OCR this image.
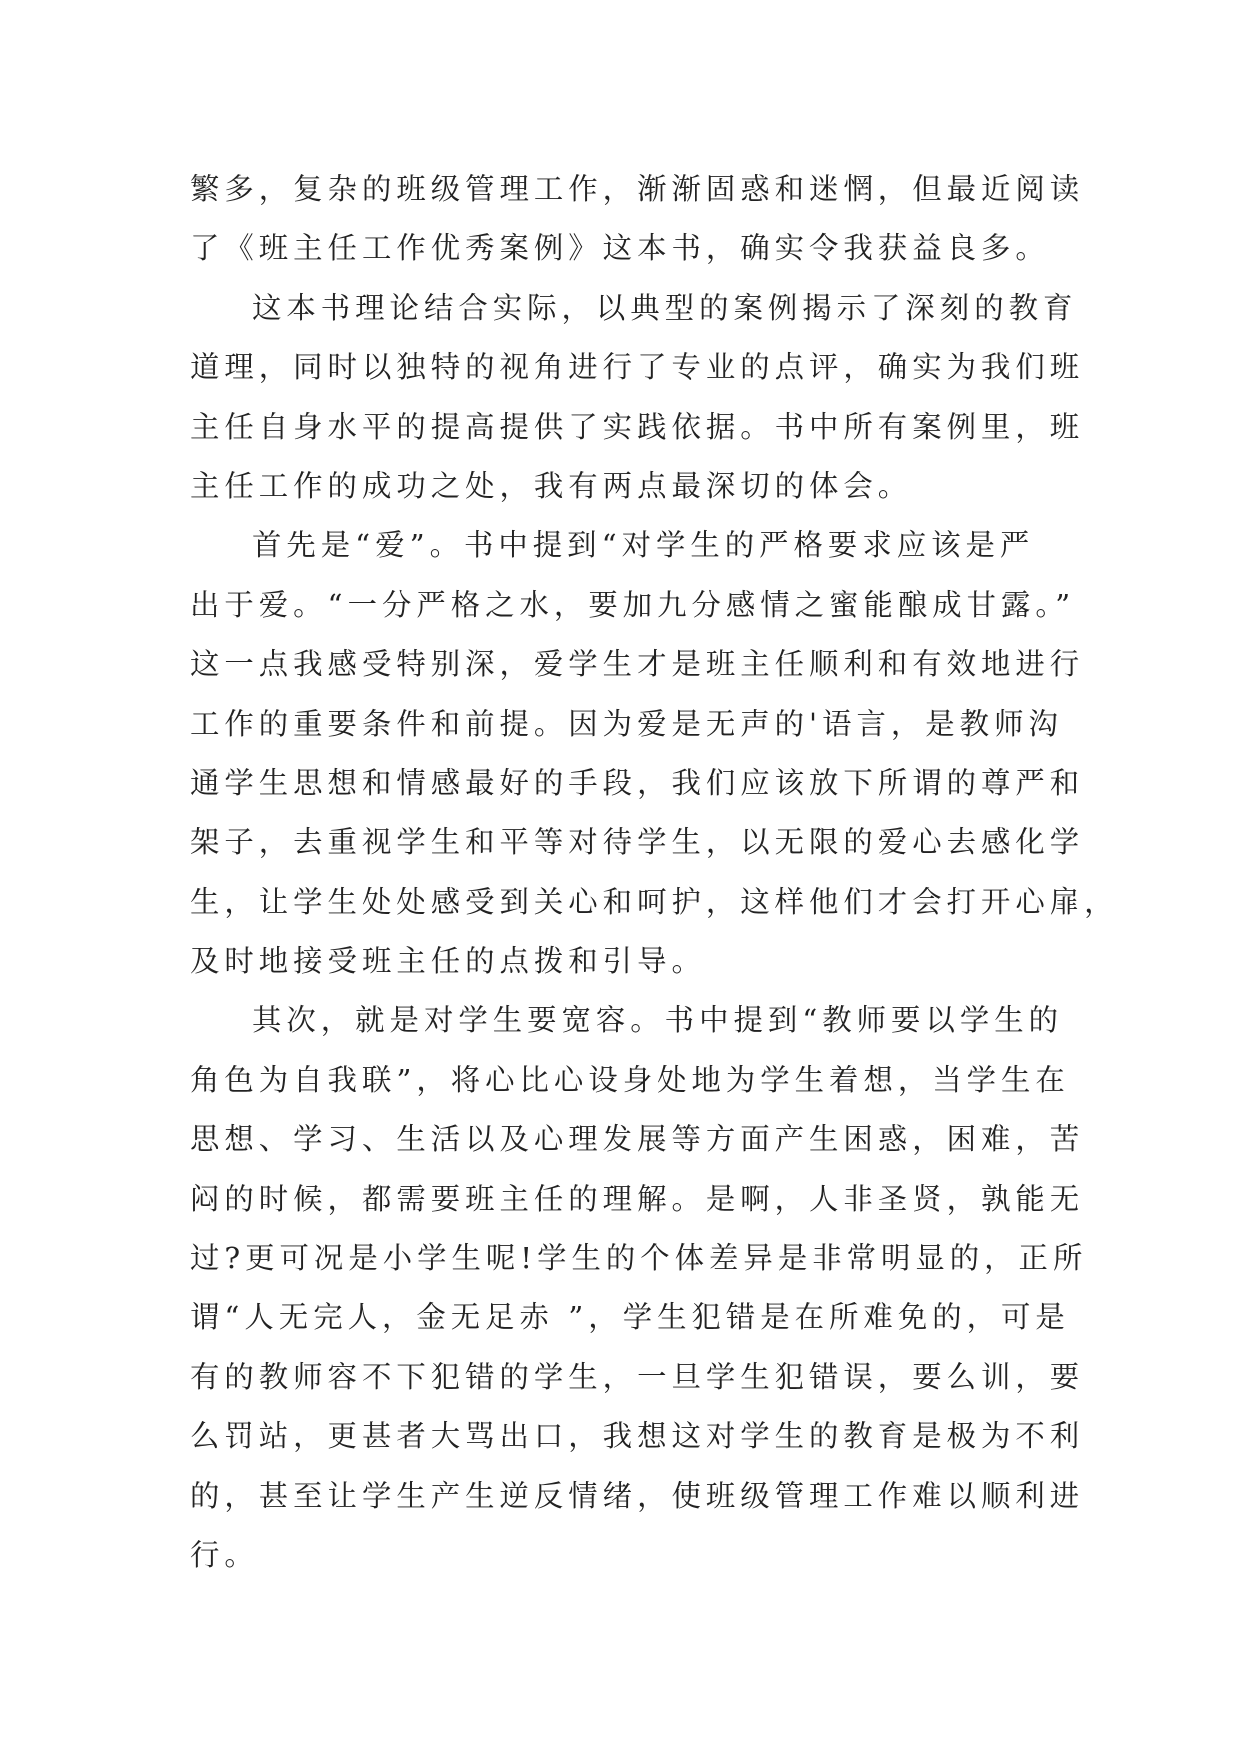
繁多，复杂的班级管理工作，渐渐固惑和迷惘，但最近阅读
了《班主任工作优秀案例》这本书，确实令我获益良多。
这本书理论结合实际，以典型的案例揭示了深刻的教育
道理，同时以独特的视角进行了专业的点评，确实为我们班
主任自身水平的提高提供了实践依据。书中所有案例里，班
主任工作的成功之处，我有两点最深切的体会。
首先是“爱”。书中提到“对学生的严格要求应该是严
出于爱。“一分严格之水，要加九分感情之蜜能酿成甘露。”
这一点我感受特别深，爱学生才是班主任顺利和有效地进行
工作的重要条件和前提。因为爱是无声的'语言，是教师沟
通学生思想和情感最好的手段，我们应该放下所谓的尊严和
架子，去重视学生和平等对待学生，以无限的爱心去感化学
生，让学生处处感受到关心和呵护，这样他们才会打开心扉，
及时地接受班主任的点拨和引导。
其次，就是对学生要宽容。书中提到“教师要以学生的
角色为自我联”，将心比心设身处地为学生着想，当学生在
思想、学习、生活以及心理发展等方面产生困惑，困难，苦
闷的时候，都需要班主任的理解。是啊，人非圣贤，孰能无
过?更可况是小学生呢!学生的个体差异是非常明显的，正所
谓“人无完人，金无足赤 ”，学生犯错是在所难免的，可是
有的教师容不下犯错的学生，一旦学生犯错误，要么训，要
么罚站，更甚者大骂出口，我想这对学生的教育是极为不利
的，甚至让学生产生逆反情绪，使班级管理工作难以顺利进
行。
